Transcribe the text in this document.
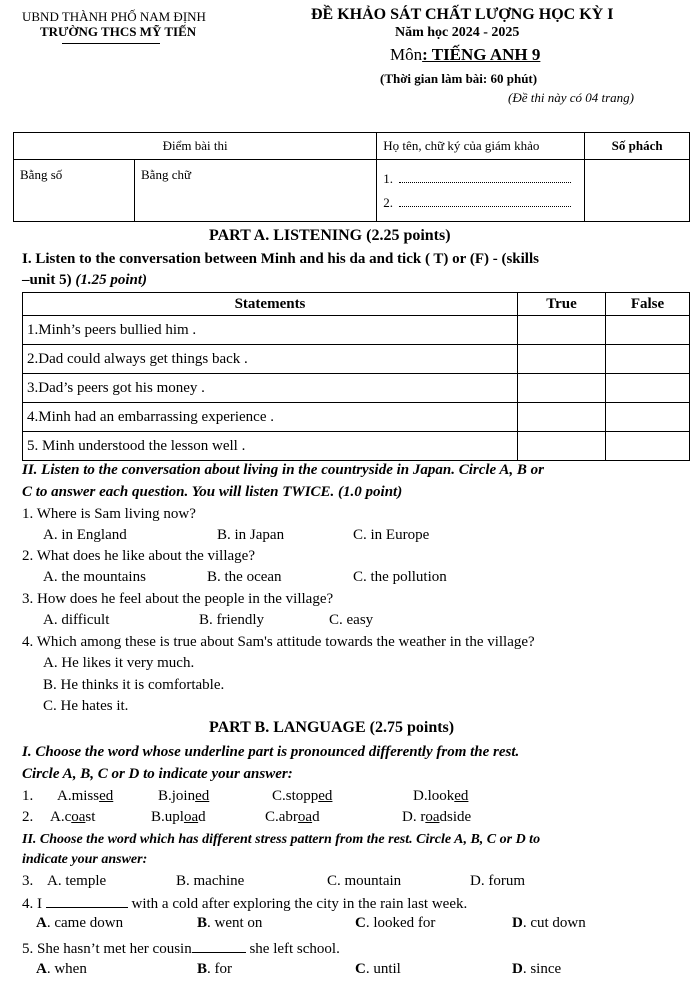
UBND THÀNH PHỐ NAM ĐỊNH
TRƯỜNG THCS MỸ TIẾN
ĐỀ KHẢO SÁT CHẤT LƯỢNG HỌC KỲ I
Năm học 2024 - 2025
Môn: TIẾNG ANH 9
(Thời gian làm bài: 60 phút)
(Đề thi này có 04 trang)
Điểm bài thi		Họ tên, chữ ký của giám khảo	Số phách
Bằng số	Bằng chữ	1.
2.	

PART A. LISTENING (2.25 points)
I. Listen to the conversation between Minh and his da and tick ( T) or (F) - (skills
–unit 5) (1.25 point)
Statements	True	False
1.Minh’s peers bullied him .		
2.Dad could always get things back .		
3.Dad’s peers got his money .		
4.Minh had an embarrassing experience .		
5. Minh understood the lesson well .		
II. Listen to the conversation about living in the countryside in Japan. Circle A, B or
C to answer each question. You will listen TWICE. (1.0 point)
1. Where is Sam living now?
A. in England	B. in Japan	C. in Europe
2. What does he like about the village?
A. the mountains	B. the ocean	C. the pollution
3. How does he feel about the people in the village?
A. difficult	B. friendly	C. easy
4. Which among these is true about Sam's attitude towards the weather in the village?
A. He likes it very much.
B. He thinks it is comfortable.
C. He hates it.
PART B. LANGUAGE (2.75 points)
I. Choose the word whose underline part is pronounced differently from the rest.
Circle A, B, C or D to indicate your answer:
1. A.missed	B.joined	C.stopped	D.looked
2. A.coast	B.upload	C.abroad	D. roadside
II. Choose the word which has different stress pattern from the rest. Circle A, B, C or D to
indicate your answer:
3. A. temple	B. machine	C. mountain	D. forum
4. I	with a cold after exploring the city in the rain last week.
A. came down	B. went on	C. looked for	D. cut down
5. She hasn’t met her cousin	she left school.
A. when	B. for	C. until	D. since
